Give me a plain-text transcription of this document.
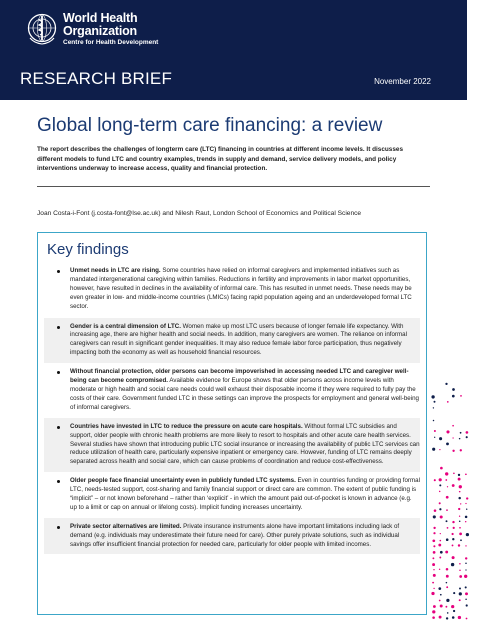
World Health
Organization
Centre for Health Development
RESEARCH BRIEF	November 2022
Global long-term care financing: a review
The report describes the challenges of longterm care (LTC) financing in countries at different income levels. It discusses different models to fund LTC and country examples, trends in supply and demand, service delivery models, and policy interventions underway to increase access, quality and financial protection.
Joan Costa-i-Font (j.costa-font@lse.ac.uk) and Nilesh Raut, London School of Economics and Political Science
Key findings
Unmet needs in LTC are rising. Some countries have relied on informal caregivers and implemented initiatives such as mandated intergenerational caregiving within families. Reductions in fertility and improvements in labor market opportunities, however, have resulted in declines in the availability of informal care. This has resulted in unmet needs. These needs may be even greater in low- and middle-income countries (LMICs) facing rapid population ageing and an underdeveloped formal LTC sector.
Gender is a central dimension of LTC. Women make up most LTC users because of longer female life expectancy. With increasing age, there are higher health and social needs. In addition, many caregivers are women. The reliance on informal caregivers can result in significant gender inequalities. It may also reduce female labor force participation, thus negatively impacting both the economy as well as household financial resources.
Without financial protection, older persons can become impoverished in accessing needed LTC and caregiver well-being can become compromised. Available evidence for Europe shows that older persons across income levels with moderate or high health and social care needs could well exhaust their disposable income if they were required to fully pay the costs of their care. Government funded LTC in these settings can improve the prospects for employment and general well-being of informal caregivers.
Countries have invested in LTC to reduce the pressure on acute care hospitals. Without formal LTC subsidies and support, older people with chronic health problems are more likely to resort to hospitals and other acute care health services. Several studies have shown that introducing public LTC social insurance or increasing the availability of public LTC services can reduce utilization of health care, particularly expensive inpatient or emergency care. However, funding of LTC remains deeply separated across health and social care, which can cause problems of coordination and reduce cost-effectiveness.
Older people face financial uncertainty even in publicly funded LTC systems. Even in countries funding or providing formal LTC, needs-tested support, cost-sharing and family financial support or direct care are common. The extent of public funding is “implicit” – or not known beforehand – rather than ‘explicit’ - in which the amount paid out-of-pocket is known in advance (e.g. up to a limit or cap on annual or lifelong costs). Implicit funding increases uncertainty.
Private sector alternatives are limited. Private insurance instruments alone have important limitations including lack of demand (e.g. individuals may underestimate their future need for care). Other purely private solutions, such as individual savings offer insufficient financial protection for needed care, particularly for older people with limited incomes.
